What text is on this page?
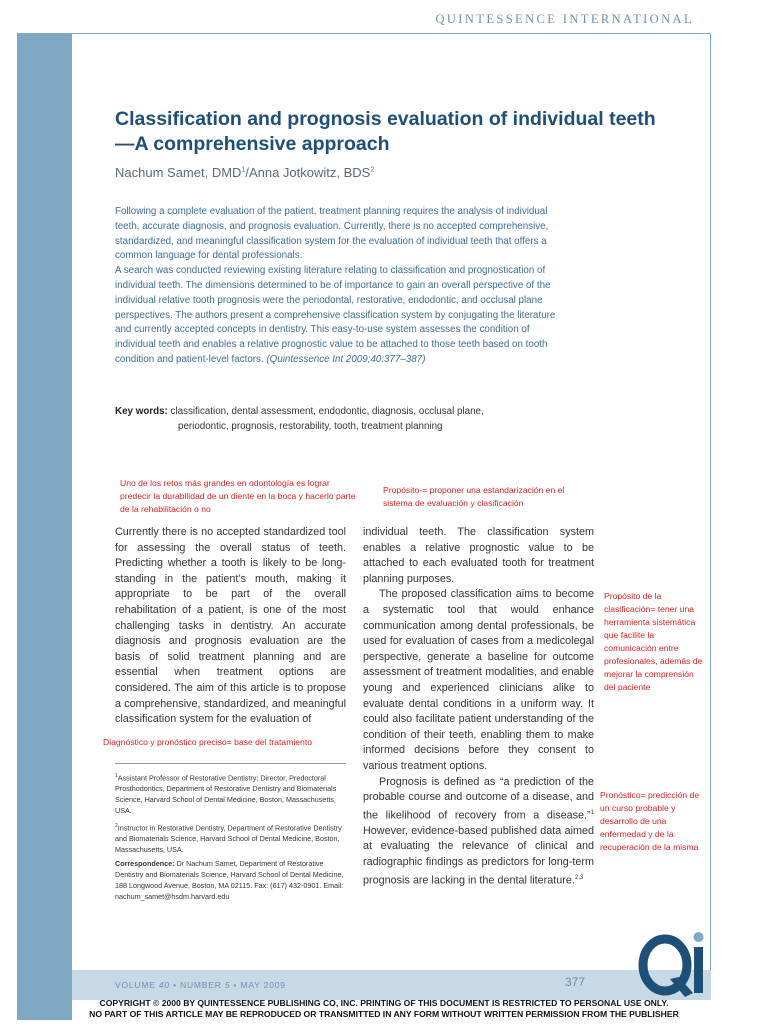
QUINTESSENCE INTERNATIONAL
Classification and prognosis evaluation of individual teeth—A comprehensive approach
Nachum Samet, DMD$^1$/Anna Jotkowitz, BDS$^2$

Following a complete evaluation of the patient, treatment planning requires the analysis of individual teeth, accurate diagnosis, and prognosis evaluation. Currently, there is no accepted comprehensive, standardized, and meaningful classification system for the evaluation of individual teeth that offers a common language for dental professionals.

A search was conducted reviewing existing literature relating to classification and prognostication of individual teeth. The dimensions determined to be of importance to gain an overall perspective of the individual relative tooth prognosis were the periodontal, restorative, endodontic, and occlusal plane perspectives. The authors present a comprehensive classification system by conjugating the literature and currently accepted concepts in dentistry. This easy-to-use system assesses the condition of individual teeth and enables a relative prognostic value to be attached to those teeth based on tooth condition and patient-level factors. (Quintessence Int 2009;40:377–387)

Key words: classification, dental assessment, endodontic, diagnosis, occlusal plane,
periodontic, prognosis, restorability, tooth, treatment planning
Uno de los retos más grandes en odontología es lograr predecir la durabilidad de un diente en la boca y hacerlo parte de la rehabilitación o no
Propósito-= proponer una estandarización en el sistema de evaluación y clasificación

Currently there is no accepted standardized tool for assessing the overall status of teeth. Predicting whether a tooth is likely to be long-standing in the patient’s mouth, making it appropriate to be part of the overall rehabilitation of a patient, is one of the most challenging tasks in dentistry. An accurate diagnosis and prognosis evaluation are the basis of solid treatment planning and are essential when treatment options are considered. The aim of this article is to propose a comprehensive, standardized, and meaningful classification system for the evaluation of

Diagnóstico y pronóstico preciso= base del tratamiento

individual teeth. The classification system enables a relative prognostic value to be attached to each evaluated tooth for treatment planning purposes.

The proposed classification aims to become a systematic tool that would enhance communication among dental professionals, be used for evaluation of cases from a medicolegal perspective, generate a baseline for outcome assessment of treatment modalities, and enable young and experienced clinicians alike to evaluate dental conditions in a uniform way. It could also facilitate patient understanding of the condition of their teeth, enabling them to make informed decisions before they consent to various treatment options.

Prognosis is defined as “a prediction of the probable course and outcome of a disease, and the likelihood of recovery from a disease.”$^1$ However, evidence-based published data aimed at evaluating the relevance of clinical and radiographic findings as predictors for long-term prognosis are lacking in the dental literature.$^{2,3}$

Propósito de la clasificación= tener una herramienta sistemática que facilite la comunicación entre profesionales, además de mejorar la comprensión del paciente
Pronóstico= predicción de un curso probable y desarrollo de una enfermedad y de la recuperación de la misma

$^1$Assistant Professor of Restorative Dentistry; Director, Predoctoral Prosthodontics, Department of Restorative Dentistry and Biomaterials Science, Harvard School of Dental Medicine, Boston, Massachusetts, USA.

$^2$Instructor in Restorative Dentistry, Department of Restorative Dentistry and Biomaterials Science, Harvard School of Dental Medicine, Boston, Massachusetts, USA.

Correspondence: Dr Nachum Samet, Department of Restorative Dentistry and Biomaterials Science, Harvard School of Dental Medicine, 188 Longwood Avenue, Boston, MA 02115. Fax: (617) 432-0901. Email: nachum_samet@hsdm.harvard.edu

VOLUME 40 • NUMBER 5 • MAY 2009	377
COPYRIGHT © 2000 BY QUINTESSENCE PUBLISHING CO, INC. PRINTING OF THIS DOCUMENT IS RESTRICTED TO PERSONAL USE ONLY.
NO PART OF THIS ARTICLE MAY BE REPRODUCED OR TRANSMITTED IN ANY FORM WITHOUT WRITTEN PERMISSION FROM THE PUBLISHER
